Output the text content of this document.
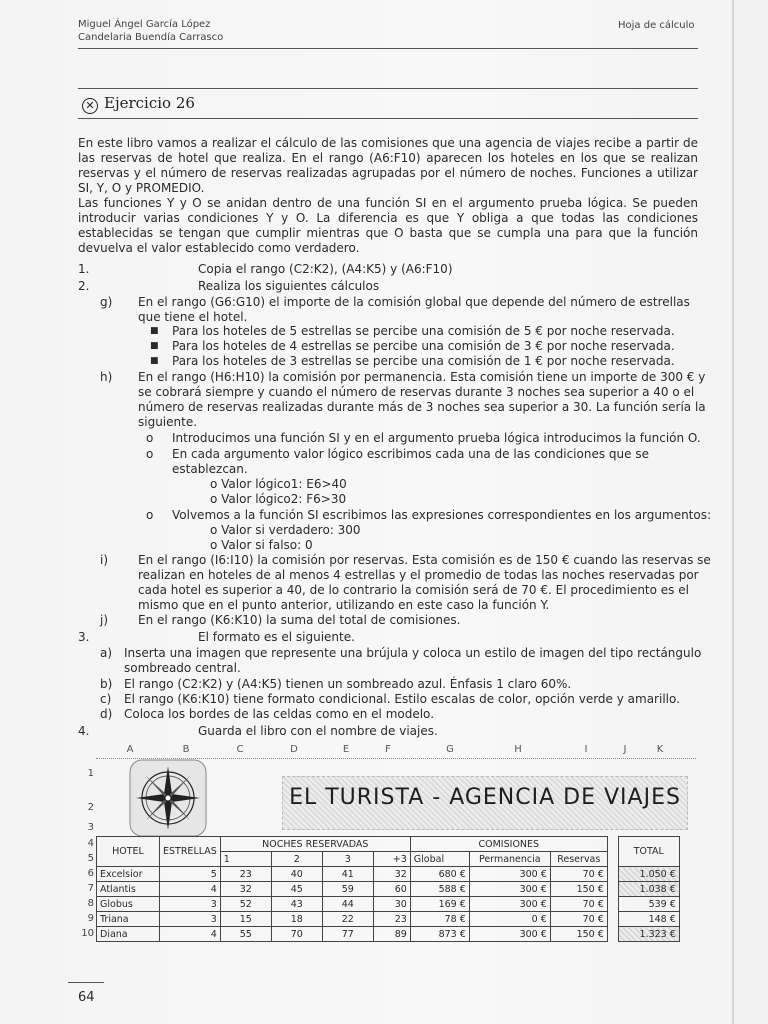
Miguel Ángel García López
Candelaria Buendía Carrasco
Hoja de cálculo
✕ Ejercicio 26

En este libro vamos a realizar el cálculo de las comisiones que una agencia de viajes recibe a partir de las reservas de hotel que realiza. En el rango (A6:F10) aparecen los hoteles en los que se realizan reservas y el número de reservas realizadas agrupadas por el número de noches. Funciones a utilizar SI, Y, O y PROMEDIO.

Las funciones Y y O se anidan dentro de una función SI en el argumento prueba lógica. Se pueden introducir varias condiciones Y y O. La diferencia es que Y obliga a que todas las condiciones establecidas se tengan que cumplir mientras que O basta que se cumpla una para que la función devuelva el valor establecido como verdadero.

1.	Copia el rango (C2:K2), (A4:K5) y (A6:F10)
2.	Realiza los siguientes cálculos
g) En el rango (G6:G10) el importe de la comisión global que depende del número de estrellas
que tiene el hotel.
■ Para los hoteles de 5 estrellas se percibe una comisión de 5 € por noche reservada.
■ Para los hoteles de 4 estrellas se percibe una comisión de 3 € por noche reservada.
■ Para los hoteles de 3 estrellas se percibe una comisión de 1 € por noche reservada.
h) En el rango (H6:H10) la comisión por permanencia. Esta comisión tiene un importe de 300 € y
se cobrará siempre y cuando el número de reservas durante 3 noches sea superior a 40 o el
número de reservas realizadas durante más de 3 noches sea superior a 30. La función sería la
siguiente.
o Introducimos una función SI y en el argumento prueba lógica introducimos la función O.
o En cada argumento valor lógico escribimos cada una de las condiciones que se
establezcan.
o Valor lógico1: E6>40
o Valor lógico2: F6>30
o Volvemos a la función SI escribimos las expresiones correspondientes en los argumentos:
o Valor si verdadero: 300
o Valor si falso: 0
i) En el rango (I6:I10) la comisión por reservas. Esta comisión es de 150 € cuando las reservas se
realizan en hoteles de al menos 4 estrellas y el promedio de todas las noches reservadas por
cada hotel es superior a 40, de lo contrario la comisión será de 70 €. El procedimiento es el
mismo que en el punto anterior, utilizando en este caso la función Y.
j) En el rango (K6:K10) la suma del total de comisiones.
3.	El formato es el siguiente.
a) Inserta una imagen que represente una brújula y coloca un estilo de imagen del tipo rectángulo
sombreado central.
b) El rango (C2:K2) y (A4:K5) tienen un sombreado azul. Énfasis 1 claro 60%.
c) El rango (K6:K10) tiene formato condicional. Estilo escalas de color, opción verde y amarillo.
d) Coloca los bordes de las celdas como en el modelo.
4.	Guarda el libro con el nombre de viajes.
A	B	C	D	E	F	G	H	I	J	K
1
2
3
4
5
6
7
8
9
10
EL TURISTA - AGENCIA DE VIAJES
HOTEL	ESTRELLAS	NOCHES RESERVADAS				COMISIONES				TOTAL
		1	2	3	+3	Global	Permanencia	Reservas		
Excelsior	5	23	40	41	32	680 €	300 €	70 €		1.050 €
Atlantis	4	32	45	59	60	588 €	300 €	150 €		1.038 €
Globus	3	52	43	44	30	169 €	300 €	70 €		539 €
Triana	3	15	18	22	23	78 €	0 €	70 €		148 €
Diana	4	55	70	77	89	873 €	300 €	150 €		1.323 €
64
